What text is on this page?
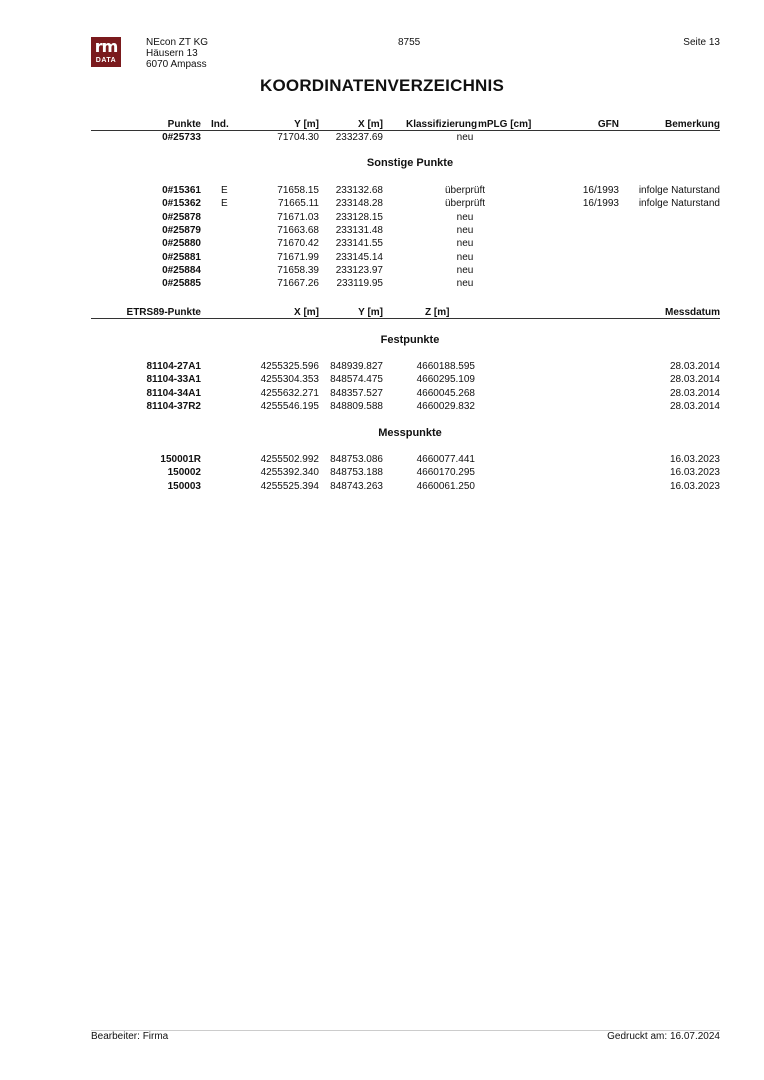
rm
DATA
NEcon ZT KG
Häusern 13
6070 Ampass
8755	Seite 13
KOORDINATENVERZEICHNIS
Punkte Ind.	Y [m]	X [m] Klassifizierung mPLG [cm]	GFN	Bemerkung
0#25733	71704.30 233237.69	neu
Sonstige Punkte
0#15361 E	71658.15 233132.68	überprüft	16/1993 infolge Naturstand
0#15362 E	71665.11 233148.28	überprüft	16/1993 infolge Naturstand
0#25878	71671.03 233128.15	neu
0#25879	71663.68 233131.48	neu
0#25880	71670.42 233141.55	neu
0#25881	71671.99 233145.14	neu
0#25884	71658.39 233123.97	neu
0#25885	71667.26 233119.95	neu
ETRS89-Punkte	X [m]	Y [m]	Z [m]	Messdatum
Festpunkte
81104-27A1	4255325.596 848939.827	4660188.595	28.03.2014
81104-33A1	4255304.353 848574.475	4660295.109	28.03.2014
81104-34A1	4255632.271 848357.527	4660045.268	28.03.2014
81104-37R2	4255546.195 848809.588	4660029.832	28.03.2014
Messpunkte
150001R	4255502.992 848753.086	4660077.441	16.03.2023
150002	4255392.340 848753.188	4660170.295	16.03.2023
150003	4255525.394 848743.263	4660061.250	16.03.2023
Bearbeiter: Firma	Gedruckt am: 16.07.2024
